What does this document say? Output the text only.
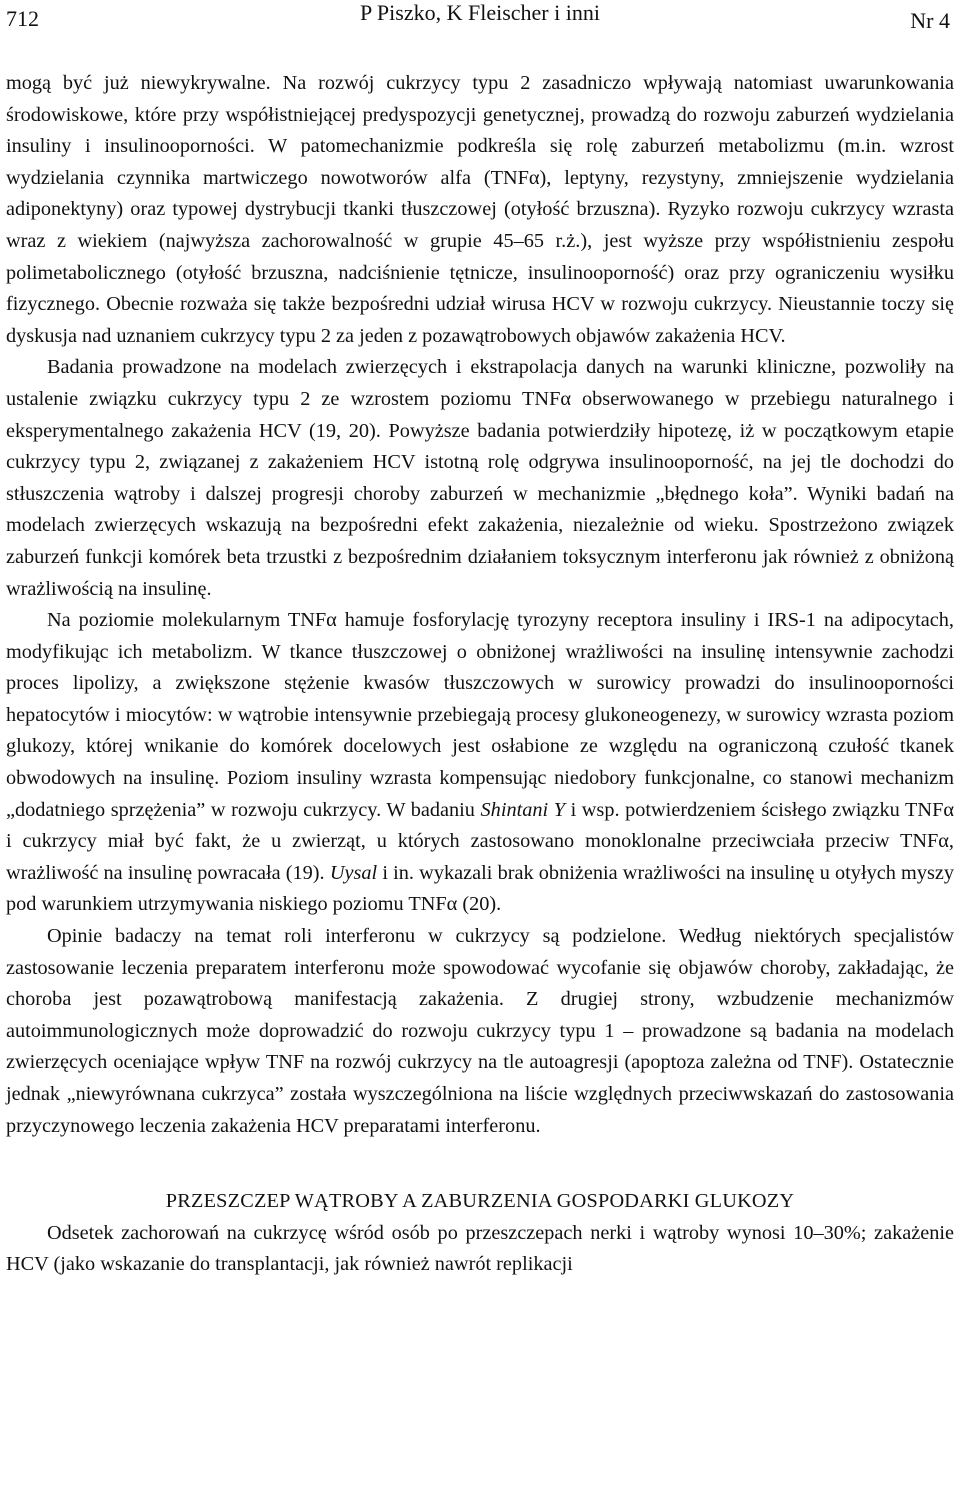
712	P Piszko, K Fleischer i inni	Nr 4

mogą być już niewykrywalne. Na rozwój cukrzycy typu 2 zasadniczo wpływają natomiast uwarunkowania środowiskowe, które przy współistniejącej predyspozycji genetycznej, prowadzą do rozwoju zaburzeń wydzielania insuliny i insulinooporności. W patomechanizmie podkreśla się rolę zaburzeń metabolizmu (m.in. wzrost wydzielania czynnika martwiczego nowotworów alfa (TNFα), leptyny, rezystyny, zmniejszenie wydzielania adiponektyny) oraz typowej dystrybucji tkanki tłuszczowej (otyłość brzuszna). Ryzyko rozwoju cukrzycy wzrasta wraz z wiekiem (najwyższa zachorowalność w grupie 45–65 r.ż.), jest wyższe przy współistnieniu zespołu polimetabolicznego (otyłość brzuszna, nadciśnienie tętnicze, insulinooporność) oraz przy ograniczeniu wysiłku fizycznego. Obecnie rozważa się także bezpośredni udział wirusa HCV w rozwoju cukrzycy. Nieustannie toczy się dyskusja nad uznaniem cukrzycy typu 2 za jeden z pozawątrobowych objawów zakażenia HCV.

Badania prowadzone na modelach zwierzęcych i ekstrapolacja danych na warunki kliniczne, pozwoliły na ustalenie związku cukrzycy typu 2 ze wzrostem poziomu TNFα obserwowanego w przebiegu naturalnego i eksperymentalnego zakażenia HCV (19, 20). Powyższe badania potwierdziły hipotezę, iż w początkowym etapie cukrzycy typu 2, związanej z zakażeniem HCV istotną rolę odgrywa insulinooporność, na jej tle dochodzi do stłuszczenia wątroby i dalszej progresji choroby zaburzeń w mechanizmie „błędnego koła”. Wyniki badań na modelach zwierzęcych wskazują na bezpośredni efekt zakażenia, niezależnie od wieku. Spostrzeżono związek zaburzeń funkcji komórek beta trzustki z bezpośrednim działaniem toksycznym interferonu jak również z obniżoną wrażliwością na insulinę.

Na poziomie molekularnym TNFα hamuje fosforylację tyrozyny receptora insuliny i IRS-1 na adipocytach, modyfikując ich metabolizm. W tkance tłuszczowej o obniżonej wrażliwości na insulinę intensywnie zachodzi proces lipolizy, a zwiększone stężenie kwasów tłuszczowych w surowicy prowadzi do insulinooporności hepatocytów i miocytów: w wątrobie intensywnie przebiegają procesy glukoneogenezy, w surowicy wzrasta poziom glukozy, której wnikanie do komórek docelowych jest osłabione ze względu na ograniczoną czułość tkanek obwodowych na insulinę. Poziom insuliny wzrasta kompensując niedobory funkcjonalne, co stanowi mechanizm „dodatniego sprzężenia” w rozwoju cukrzycy. W badaniu Shintani Y i wsp. potwierdzeniem ścisłego związku TNFα i cukrzycy miał być fakt, że u zwierząt, u których zastosowano monoklonalne przeciwciała przeciw TNFα, wrażliwość na insulinę powracała (19). Uysal i in. wykazali brak obniżenia wrażliwości na insulinę u otyłych myszy pod warunkiem utrzymywania niskiego poziomu TNFα (20).

Opinie badaczy na temat roli interferonu w cukrzycy są podzielone. Według niektórych specjalistów zastosowanie leczenia preparatem interferonu może spowodować wycofanie się objawów choroby, zakładając, że choroba jest pozawątrobową manifestacją zakażenia. Z drugiej strony, wzbudzenie mechanizmów autoimmunologicznych może doprowadzić do rozwoju cukrzycy typu 1 – prowadzone są badania na modelach zwierzęcych oceniające wpływ TNF na rozwój cukrzycy na tle autoagresji (apoptoza zależna od TNF). Ostatecznie jednak „niewyrównana cukrzyca” została wyszczególniona na liście względnych przeciwwskazań do zastosowania przyczynowego leczenia zakażenia HCV preparatami interferonu.

PRZESZCZEP WĄTROBY A ZABURZENIA GOSPODARKI GLUKOZY

Odsetek zachorowań na cukrzycę wśród osób po przeszczepach nerki i wątroby wynosi 10–30%; zakażenie HCV (jako wskazanie do transplantacji, jak również nawrót replikacji
